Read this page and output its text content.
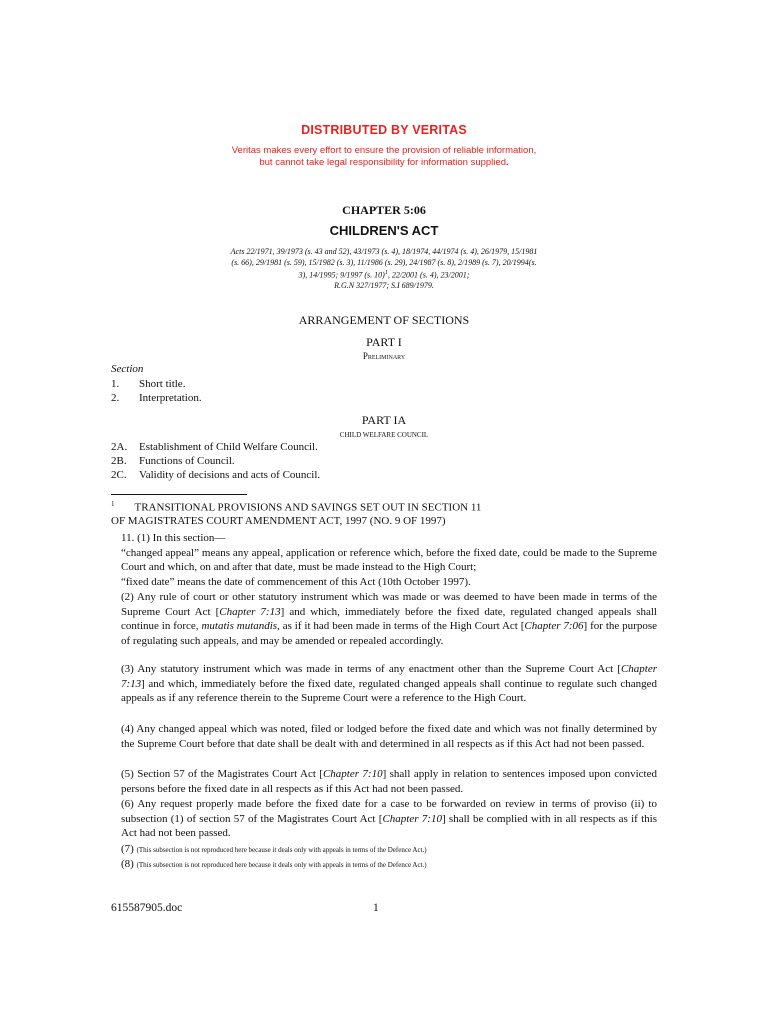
DISTRIBUTED BY VERITAS
Veritas makes every effort to ensure the provision of reliable information,
but cannot take legal responsibility for information supplied.
CHAPTER 5:06
CHILDREN'S ACT
Acts 22/1971, 39/1973 (s. 43 and 52), 43/1973 (s. 4), 18/1974, 44/1974 (s. 4), 26/1979, 15/1981
(s. 66), 29/1981 (s. 59), 15/1982 (s. 3), 11/1986 (s. 29), 24/1987 (s. 8), 2/1989 (s. 7), 20/1994(s.
3), 14/1995; 9/1997 (s. 10)$^1$, 22/2001 (s. 4), 23/2001;
R.G.N 327/1977; S.I 689/1979.
ARRANGEMENT OF SECTIONS
PART I
Preliminary
Section
1. Short title.
2. Interpretation.
PART IA
CHILD WELFARE COUNCIL
2A. Establishment of Child Welfare Council.
2B. Functions of Council.
2C. Validity of decisions and acts of Council.
$^1$ TRANSITIONAL PROVISIONS AND SAVINGS SET OUT IN SECTION 11
OF MAGISTRATES COURT AMENDMENT ACT, 1997 (NO. 9 OF 1997)
11. (1) In this section—
“changed appeal” means any appeal, application or reference which, before the fixed date, could be made to the Supreme Court and which, on and after that date, must be made instead to the High Court;
“fixed date” means the date of commencement of this Act (10th October 1997).
(2) Any rule of court or other statutory instrument which was made or was deemed to have been made in terms of the Supreme Court Act [Chapter 7:13] and which, immediately before the fixed date, regulated changed appeals shall continue in force, mutatis mutandis, as if it had been made in terms of the High Court Act [Chapter 7:06] for the purpose of regulating such appeals, and may be amended or repealed accordingly.
(3) Any statutory instrument which was made in terms of any enactment other than the Supreme Court Act [Chapter 7:13] and which, immediately before the fixed date, regulated changed appeals shall continue to regulate such changed appeals as if any reference therein to the Supreme Court were a reference to the High Court.
(4) Any changed appeal which was noted, filed or lodged before the fixed date and which was not finally determined by the Supreme Court before that date shall be dealt with and determined in all respects as if this Act had not been passed.
(5) Section 57 of the Magistrates Court Act [Chapter 7:10] shall apply in relation to sentences imposed upon convicted persons before the fixed date in all respects as if this Act had not been passed.
(6) Any request properly made before the fixed date for a case to be forwarded on review in terms of proviso (ii) to subsection (1) of section 57 of the Magistrates Court Act [Chapter 7:10] shall be complied with in all respects as if this Act had not been passed.
(7) (This subsection is not reproduced here because it deals only with appeals in terms of the Defence Act.)
(8) (This subsection is not reproduced here because it deals only with appeals in terms of the Defence Act.)
615587905.doc	1
